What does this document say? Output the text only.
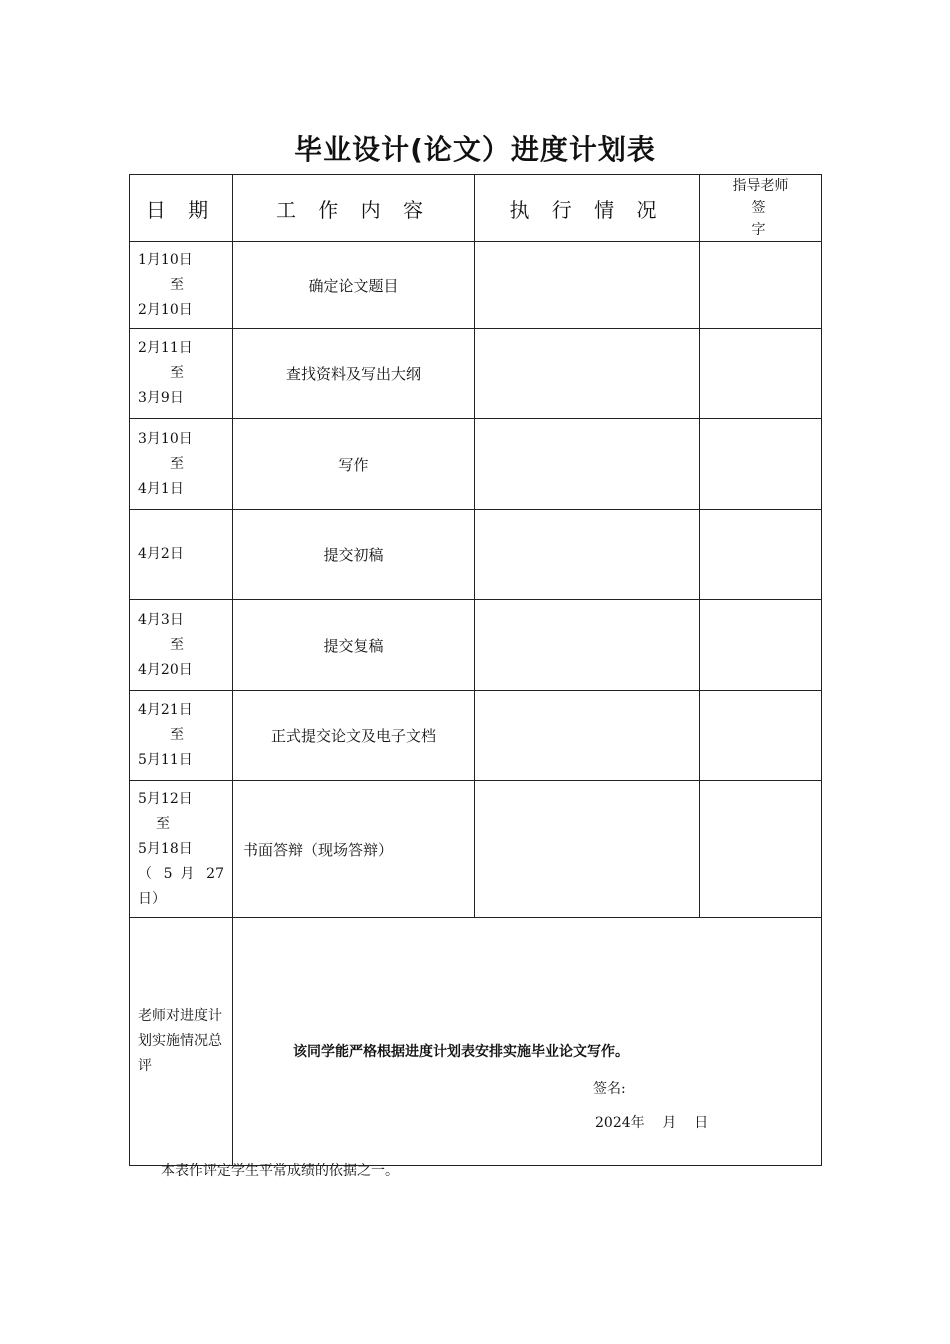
毕业设计(论文）进度计划表
日 期	工 作 内 容	执 行 情 况	指导老师
签 字

1月10日
至
2月10日	确定论文题目		

2月11日
至
3月9日	查找资料及写出大纲		

3月10日
至
4月1日	写作		

4月2日	提交初稿		

4月3日
至
4月20日	提交复稿		

4月21日
至
5月11日	正式提交论文及电子文档		

5月12日
至
5月18日
（ 5 月 27
日）	书面答辩（现场答辩）		
老师对进度计划实施情况总评	该同学能严格根据进度计划表安排实施毕业论文写作。
签名:
2024年    月    日		
本表作评定学生平常成绩的依据之一。
